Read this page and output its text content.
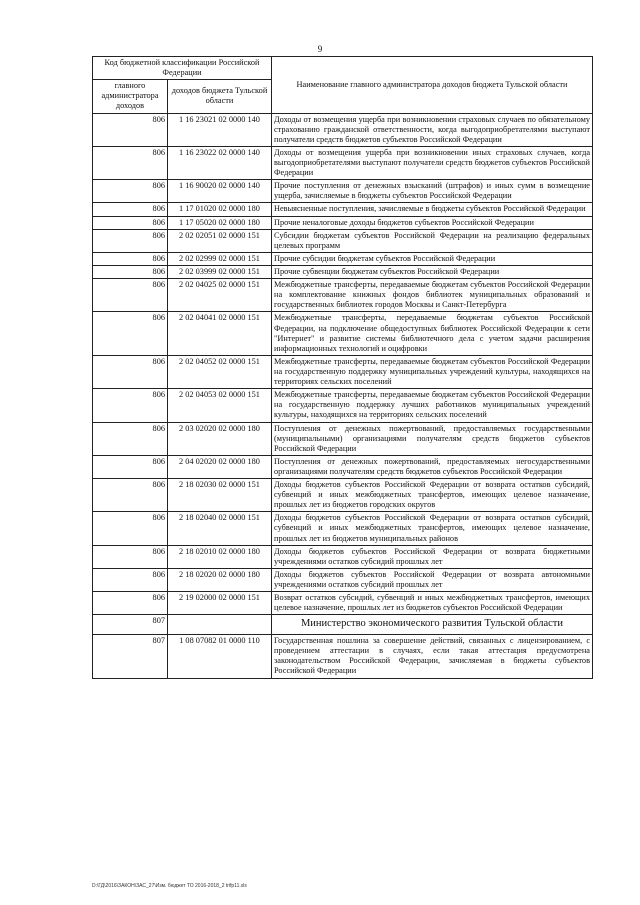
9
Код бюджетной классификации Российской Федерации		Наименование главного администратора доходов бюджета Тульской области
главного администратора доходов	доходов бюджета Тульской области	
806	1 16 23021 02 0000 140	Доходы от возмещения ущерба при возникновении страховых случаев по обязательному страхованию гражданской ответственности, когда выгодоприобретателями выступают получатели средств бюджетов субъектов Российской Федерации
806	1 16 23022 02 0000 140	Доходы от возмещения ущерба при возникновении иных страховых случаев, когда выгодоприобретателями выступают получатели средств бюджетов субъектов Российской Федерации
806	1 16 90020 02 0000 140	Прочие поступления от денежных взысканий (штрафов) и иных сумм в возмещение ущерба, зачисляемые в бюджеты субъектов Российской Федерации
806	1 17 01020 02 0000 180	Невыясненные поступления, зачисляемые в бюджеты субъектов Российской Федерации
806	1 17 05020 02 0000 180	Прочие неналоговые доходы бюджетов субъектов Российской Федерации
806	2 02 02051 02 0000 151	Субсидии бюджетам субъектов Российской Федерации на реализацию федеральных целевых программ
806	2 02 02999 02 0000 151	Прочие субсидии бюджетам субъектов Российской Федерации
806	2 02 03999 02 0000 151	Прочие субвенции бюджетам субъектов Российской Федерации
806	2 02 04025 02 0000 151	Межбюджетные трансферты, передаваемые бюджетам субъектов Российской Федерации на комплектование книжных фондов библиотек муниципальных образований и государственных библиотек городов Москвы и Санкт-Петербурга
806	2 02 04041 02 0000 151	Межбюджетные трансферты, передаваемые бюджетам субъектов Российской Федерации, на подключение общедоступных библиотек Российской Федерации к сети "Интернет" и развитие системы библиотечного дела с учетом задачи расширения информационных технологий и оцифровки
806	2 02 04052 02 0000 151	Межбюджетные трансферты, передаваемые бюджетам субъектов Российской Федерации на государственную поддержку муниципальных учреждений культуры, находящихся на территориях сельских поселений
806	2 02 04053 02 0000 151	Межбюджетные трансферты, передаваемые бюджетам субъектов Российской Федерации на государственную поддержку лучших работников муниципальных учреждений культуры, находящихся на территориях сельских поселений
806	2 03 02020 02 0000 180	Поступления от денежных пожертвований, предоставляемых государственными (муниципальными) организациями получателям средств бюджетов субъектов Российской Федерации
806	2 04 02020 02 0000 180	Поступления от денежных пожертвований, предоставляемых негосударственными организациями получателям средств бюджетов субъектов Российской Федерации
806	2 18 02030 02 0000 151	Доходы бюджетов субъектов Российской Федерации от возврата остатков субсидий, субвенций и иных межбюджетных трансфертов, имеющих целевое назначение, прошлых лет из бюджетов городских округов
806	2 18 02040 02 0000 151	Доходы бюджетов субъектов Российской Федерации от возврата остатков субсидий, субвенций и иных межбюджетных трансфертов, имеющих целевое назначение, прошлых лет из бюджетов муниципальных районов
806	2 18 02010 02 0000 180	Доходы бюджетов субъектов Российской Федерации от возврата бюджетными учреждениями остатков субсидий прошлых лет
806	2 18 02020 02 0000 180	Доходы бюджетов субъектов Российской Федерации от возврата автономными учреждениями остатков субсидий прошлых лет
806	2 19 02000 02 0000 151	Возврат остатков субсидий, субвенций и иных межбюджетных трансфертов, имеющих целевое назначение, прошлых лет из бюджетов субъектов Российской Федерации
807		Министерство экономического развития Тульской области
807	1 08 07082 01 0000 110	Государственная пошлина за совершение действий, связанных с лицензированием, с проведением аттестации в случаях, если такая аттестация предусмотрена законодательством Российской Федерации, зачисляемая в бюджеты субъектов Российской Федерации
D:\ГД\2016\ЗАКОН\ЗАС_27\Изм. бюджет ТО 2016-2018_2 trifp11.xls
